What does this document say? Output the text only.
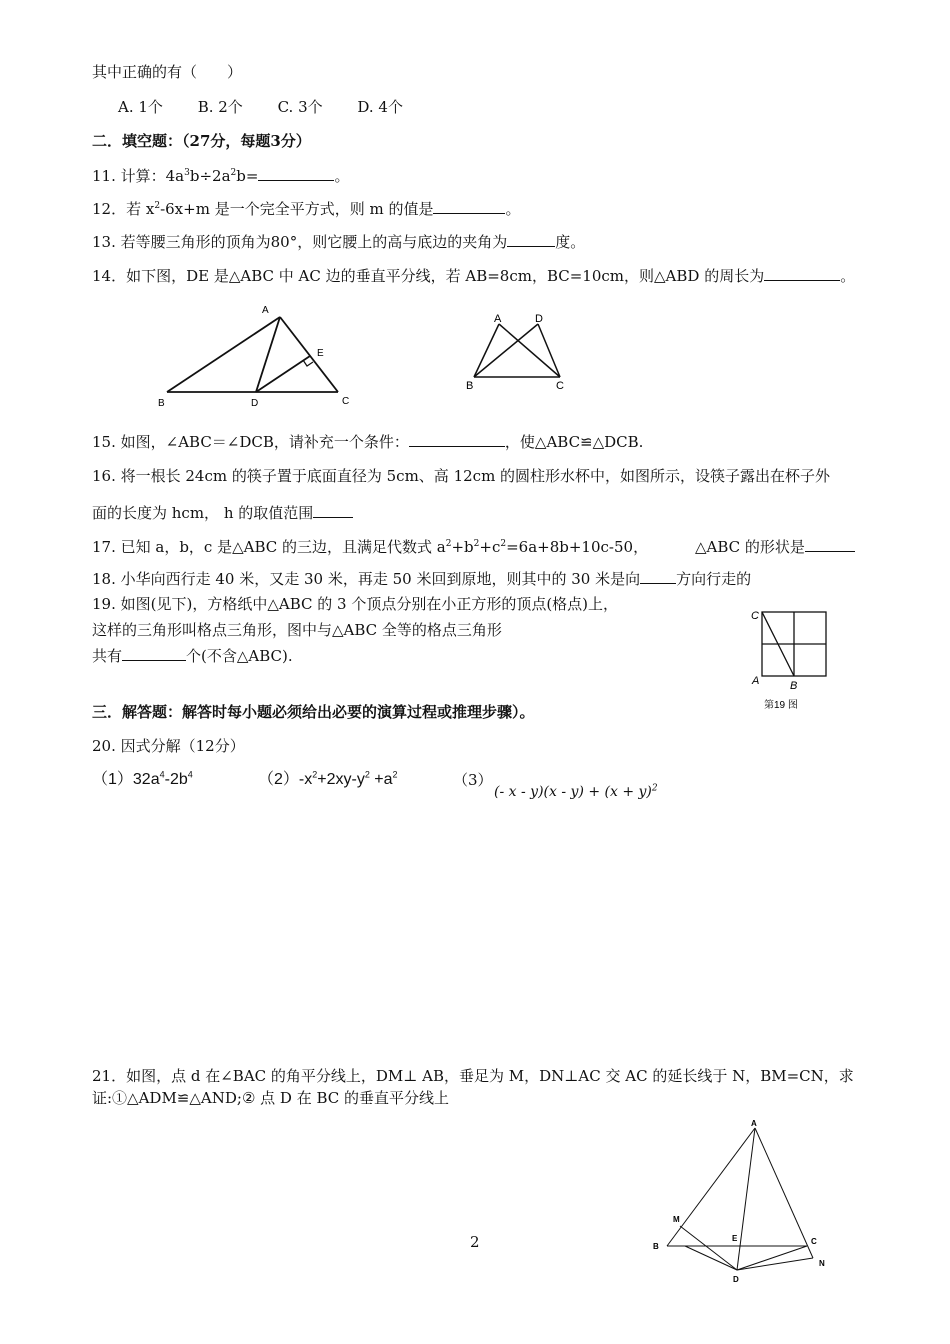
其中正确的有（　　）
A. 1个 B. 2个 C. 3个 D. 4个
二．填空题：（27分，每题3分）
11. 计算：$4a^3b\div 2a^2b=$	。
12．若 $x^2-6x+m$ 是一个完全平方式，则 m 的值是	。
13. 若等腰三角形的顶角为80°，则它腰上的高与底边的夹角为	度。
14．如下图，DE 是△ABC 中 AC 边的垂直平分线，若 AB=8cm，BC=10cm，则△ABD 的周长为	。
A
B	D	C
E
A	D
B	C
15. 如图，∠ABC＝∠DCB，请补充一个条件：	，使△ABC≌△DCB.
16. 将一根长 24cm 的筷子置于底面直径为 5cm、高 12cm 的圆柱形水杯中，如图所示，设筷子露出在杯子外
面的长度为 hcm， h 的取值范围
17. 已知 a，b，c 是△ABC 的三边，且满足代数式 $a^2+b^2+c^2=6a+8b+10c-50$，	△ABC 的形状是
18. 小华向西行走 40 米，又走 30 米，再走 50 米回到原地，则其中的 30 米是向 方向行走的
19. 如图(见下)，方格纸中△ABC 的 3 个顶点分别在小正方形的顶点(格点)上，
这样的三角形叫格点三角形，图中与△ABC 全等的格点三角形
共有	个(不含△ABC).
C
A	B
第19 图
三．解答题：解答时每小题必须给出必要的演算过程或推理步骤）。
20. 因式分解（12分）
$(1)32a^4-2b^4$	$(2)-x^2+2xy-y^2 +a^2$	（3）
(- $x - y)(x - y) + (x + y)^2$
21．如图，点 d 在∠BAC 的角平分线上，DM⊥ AB，垂足为 M，DN⊥AC 交 AC 的延长线于 N，BM=CN，求
证:①△ADM≌△AND;② 点 D 在 BC 的垂直平分线上
A
M
B
E	C
D
N
2
